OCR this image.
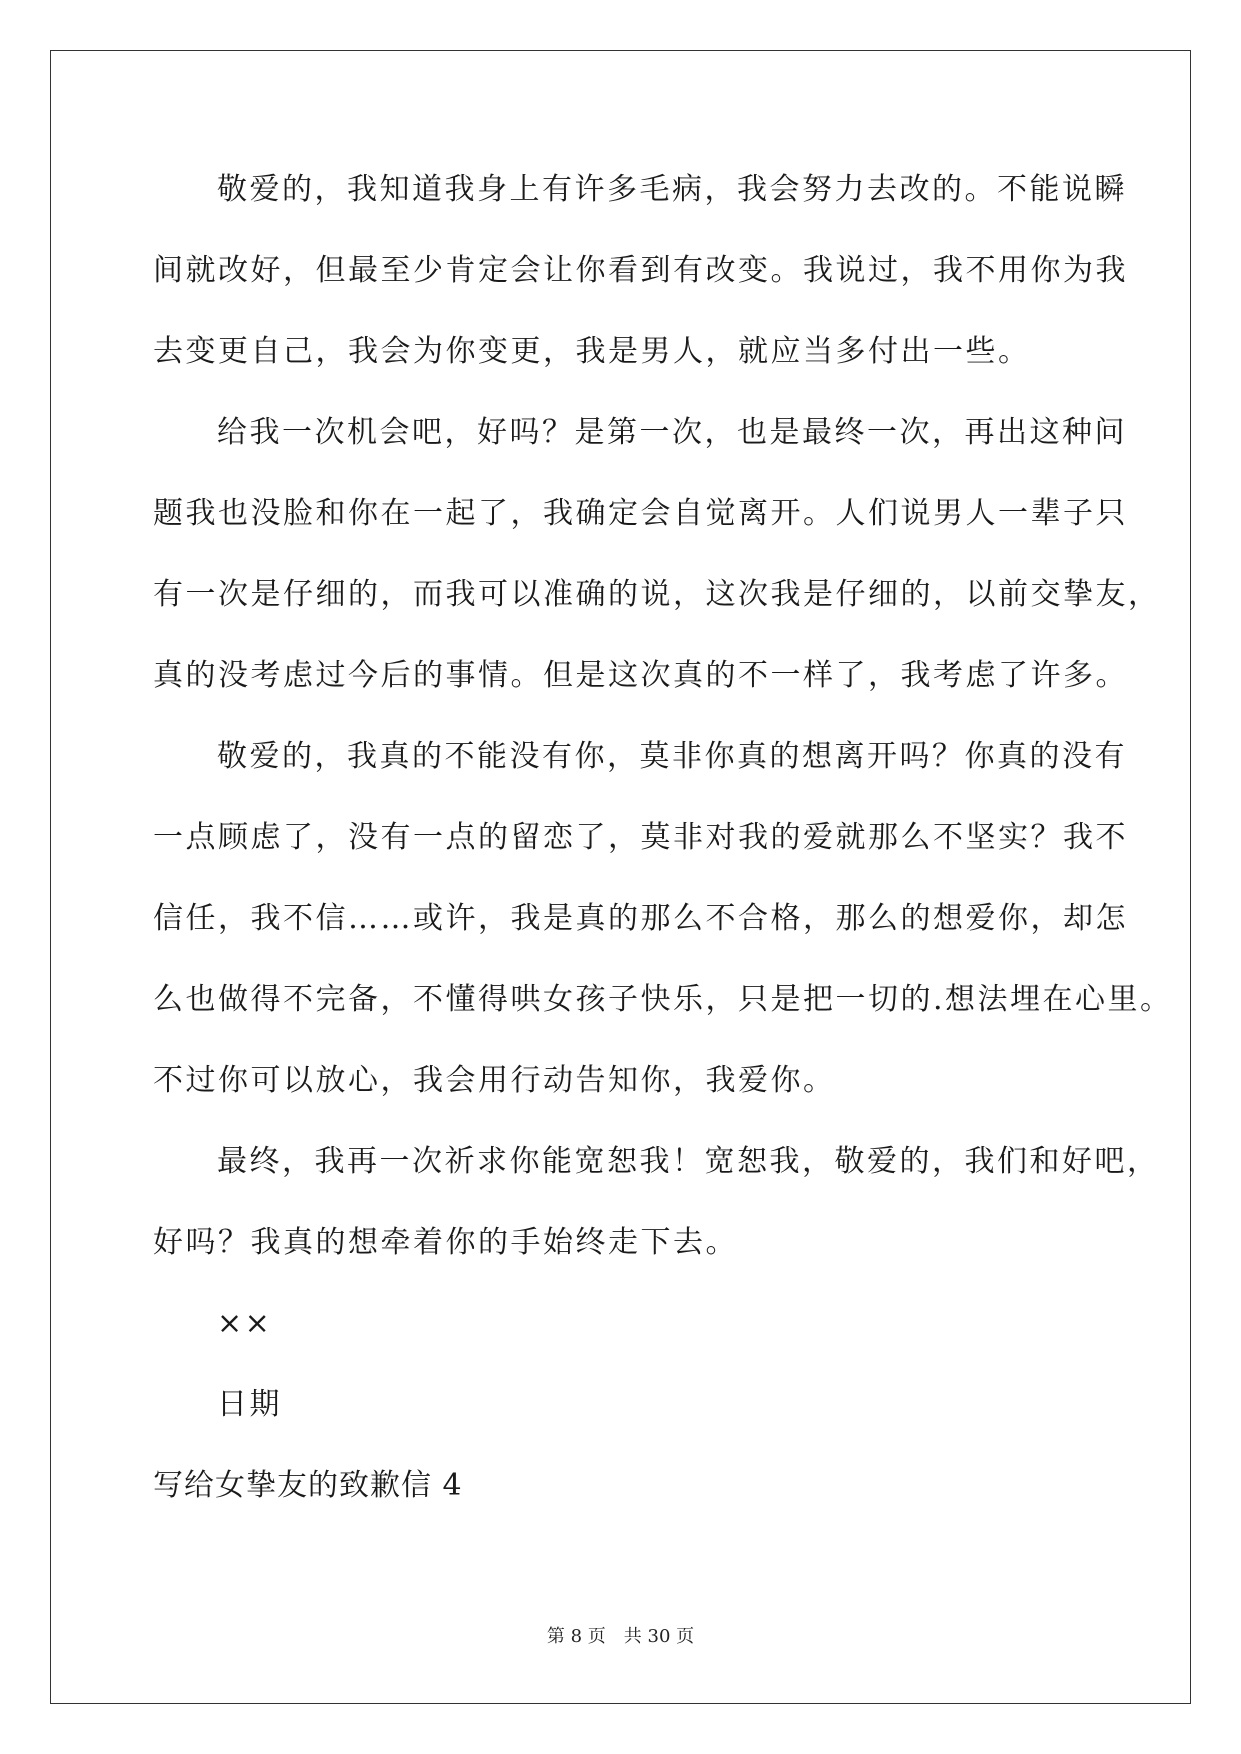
敬爱的，我知道我身上有许多毛病，我会努力去改的。不能说瞬
间就改好，但最至少肯定会让你看到有改变。我说过，我不用你为我
去变更自己，我会为你变更，我是男人，就应当多付出一些。
给我一次机会吧，好吗？是第一次，也是最终一次，再出这种问
题我也没脸和你在一起了，我确定会自觉离开。人们说男人一辈子只
有一次是仔细的，而我可以准确的说，这次我是仔细的，以前交挚友，
真的没考虑过今后的事情。但是这次真的不一样了，我考虑了许多。
敬爱的，我真的不能没有你，莫非你真的想离开吗？你真的没有
一点顾虑了，没有一点的留恋了，莫非对我的爱就那么不坚实？我不
信任，我不信……或许，我是真的那么不合格，那么的想爱你，却怎
么也做得不完备，不懂得哄女孩子快乐，只是把一切的.想法埋在心里。
不过你可以放心，我会用行动告知你，我爱你。
最终，我再一次祈求你能宽恕我！宽恕我，敬爱的，我们和好吧，
好吗？我真的想牵着你的手始终走下去。
××
日期
写给女挚友的致歉信 4
第 8 页 共 30 页
